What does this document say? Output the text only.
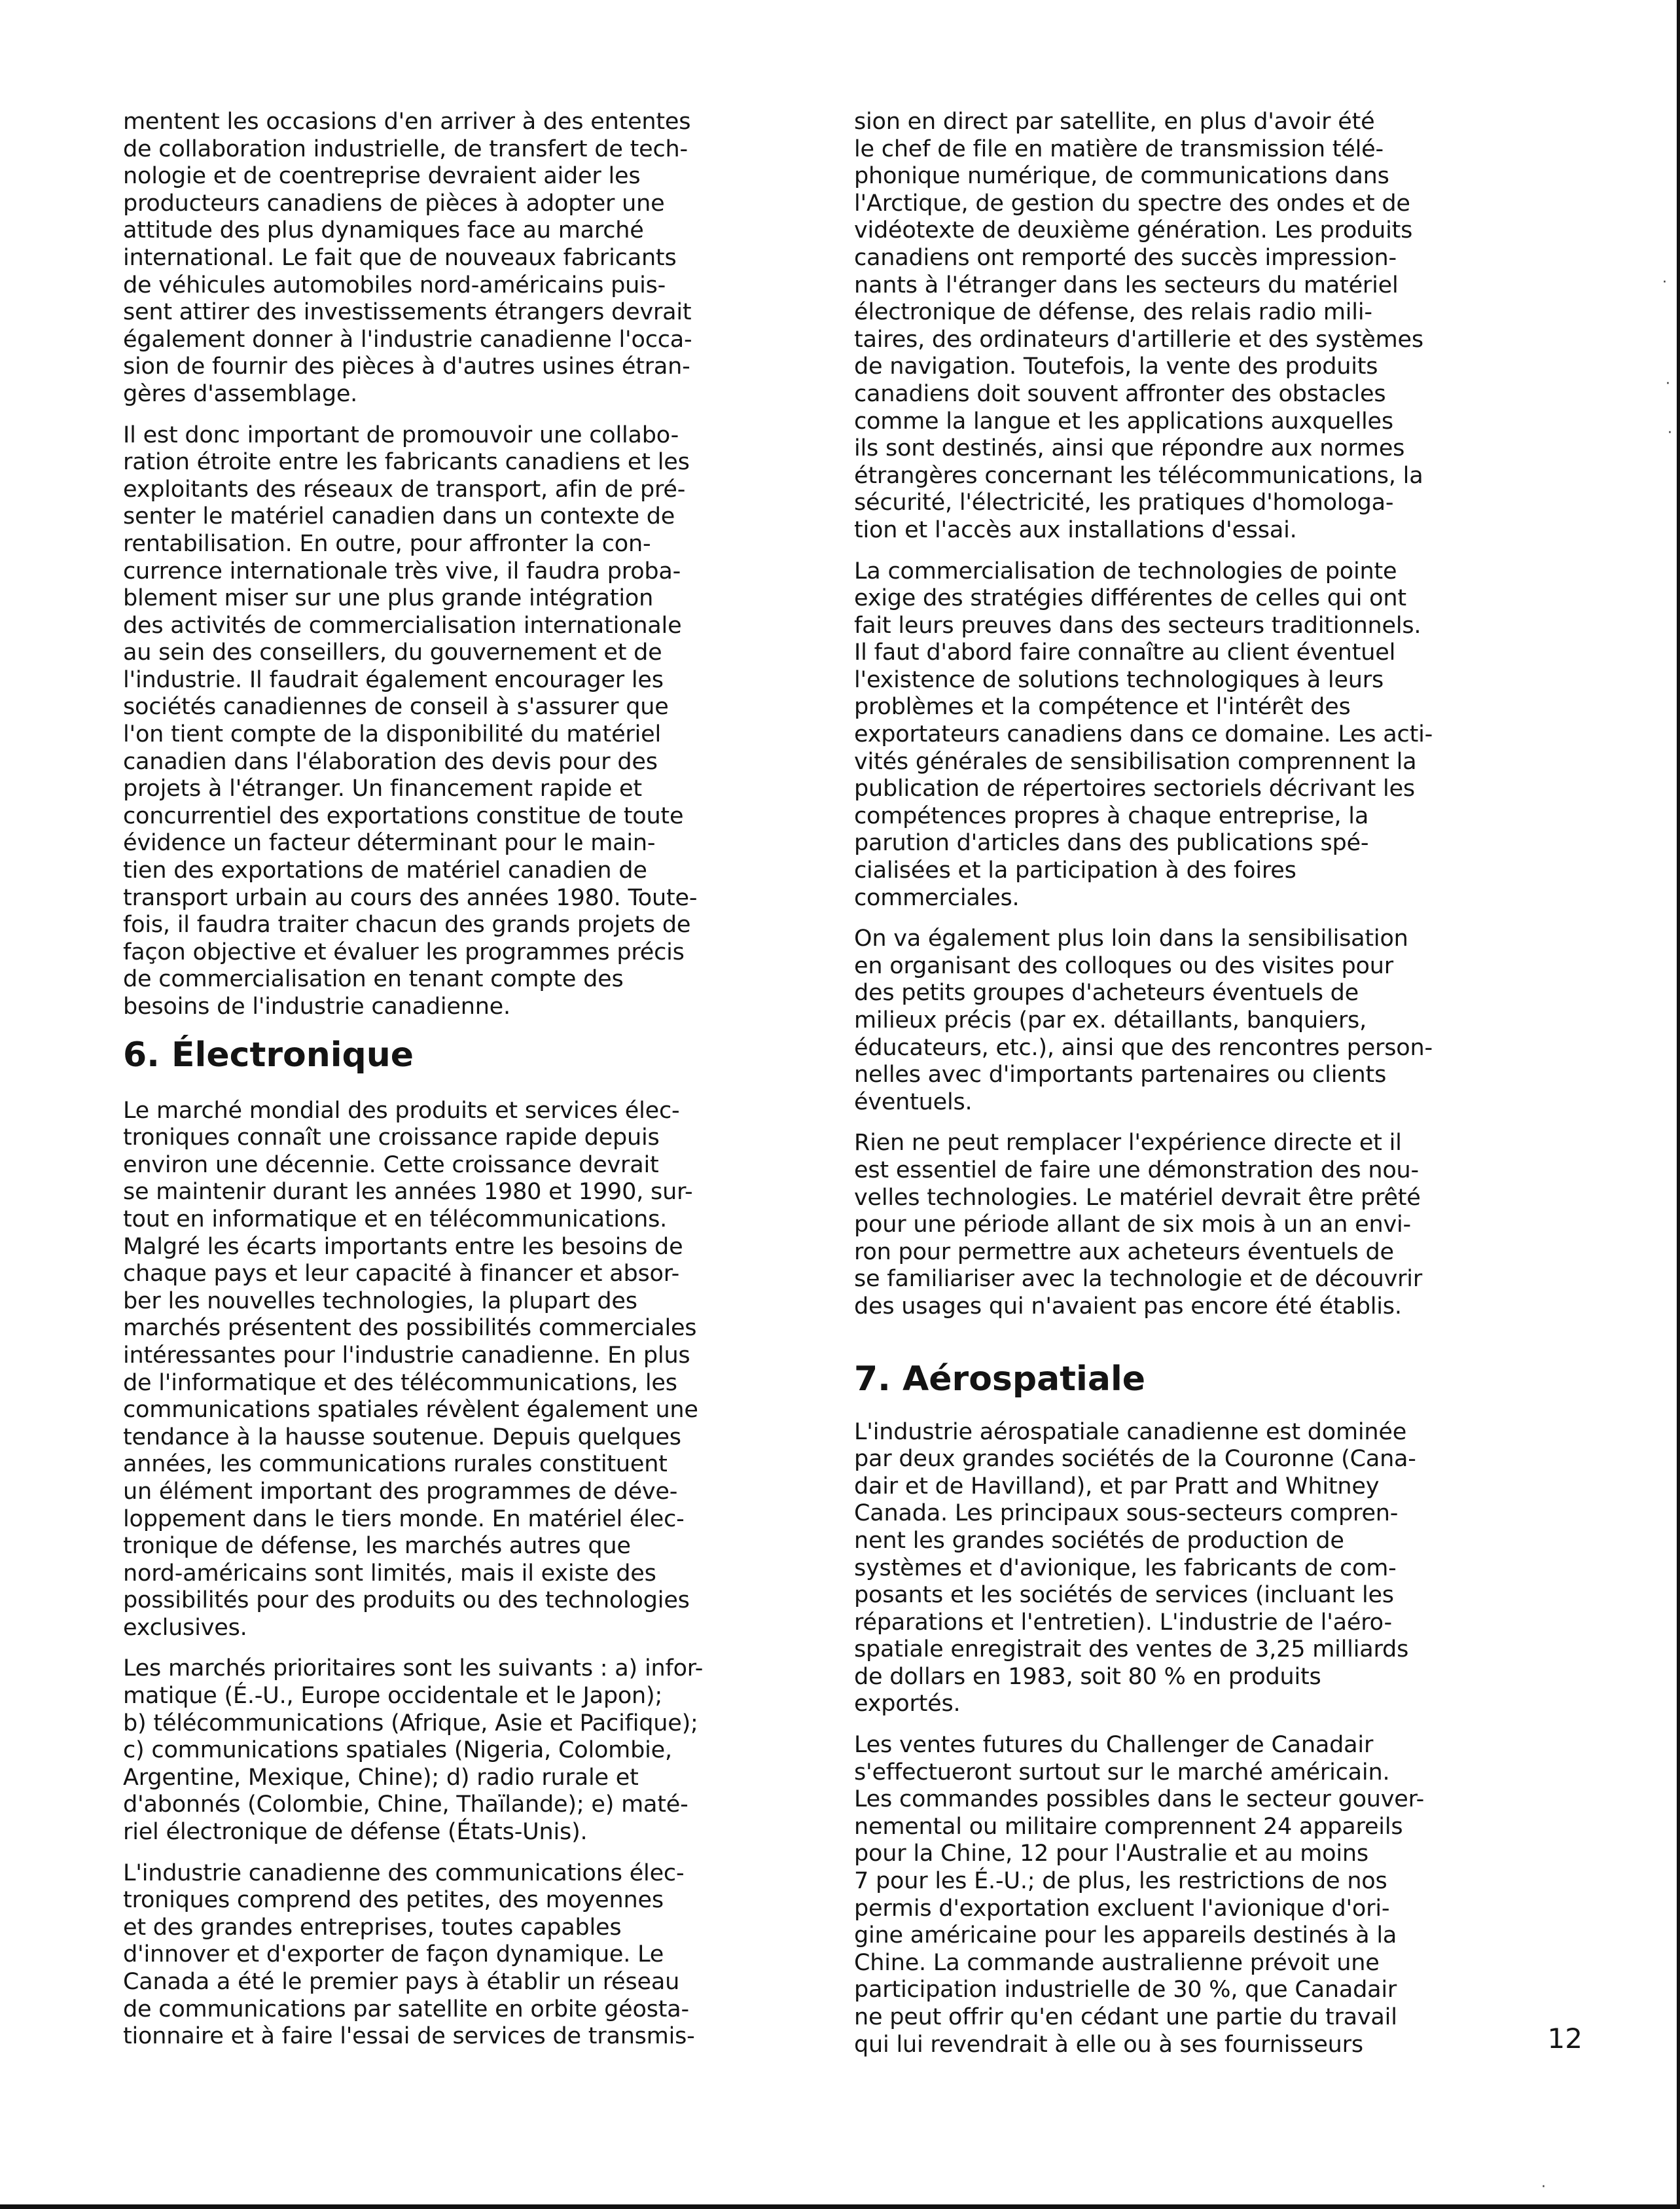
mentent les occasions d'en arriver à des ententes
de collaboration industrielle, de transfert de tech-
nologie et de coentreprise devraient aider les
producteurs canadiens de pièces à adopter une
attitude des plus dynamiques face au marché
international. Le fait que de nouveaux fabricants
de véhicules automobiles nord-américains puis-
sent attirer des investissements étrangers devrait
également donner à l'industrie canadienne l'occa-
sion de fournir des pièces à d'autres usines étran-
gères d'assemblage.

Il est donc important de promouvoir une collabo-
ration étroite entre les fabricants canadiens et les
exploitants des réseaux de transport, afin de pré-
senter le matériel canadien dans un contexte de
rentabilisation. En outre, pour affronter la con-
currence internationale très vive, il faudra proba-
blement miser sur une plus grande intégration
des activités de commercialisation internationale
au sein des conseillers, du gouvernement et de
l'industrie. Il faudrait également encourager les
sociétés canadiennes de conseil à s'assurer que
l'on tient compte de la disponibilité du matériel
canadien dans l'élaboration des devis pour des
projets à l'étranger. Un financement rapide et
concurrentiel des exportations constitue de toute
évidence un facteur déterminant pour le main-
tien des exportations de matériel canadien de
transport urbain au cours des années 1980. Toute-
fois, il faudra traiter chacun des grands projets de
façon objective et évaluer les programmes précis
de commercialisation en tenant compte des
besoins de l'industrie canadienne.

6. Électronique

Le marché mondial des produits et services élec-
troniques connaît une croissance rapide depuis
environ une décennie. Cette croissance devrait
se maintenir durant les années 1980 et 1990, sur-
tout en informatique et en télécommunications.
Malgré les écarts importants entre les besoins de
chaque pays et leur capacité à financer et absor-
ber les nouvelles technologies, la plupart des
marchés présentent des possibilités commerciales
intéressantes pour l'industrie canadienne. En plus
de l'informatique et des télécommunications, les
communications spatiales révèlent également une
tendance à la hausse soutenue. Depuis quelques
années, les communications rurales constituent
un élément important des programmes de déve-
loppement dans le tiers monde. En matériel élec-
tronique de défense, les marchés autres que
nord-américains sont limités, mais il existe des
possibilités pour des produits ou des technologies
exclusives.

Les marchés prioritaires sont les suivants : a) infor-
matique (É.-U., Europe occidentale et le Japon);
b) télécommunications (Afrique, Asie et Pacifique);
c) communications spatiales (Nigeria, Colombie,
Argentine, Mexique, Chine); d) radio rurale et
d'abonnés (Colombie, Chine, Thaïlande); e) maté-
riel électronique de défense (États-Unis).

L'industrie canadienne des communications élec-
troniques comprend des petites, des moyennes
et des grandes entreprises, toutes capables
d'innover et d'exporter de façon dynamique. Le
Canada a été le premier pays à établir un réseau
de communications par satellite en orbite géosta-
tionnaire et à faire l'essai de services de transmis-

sion en direct par satellite, en plus d'avoir été
le chef de file en matière de transmission télé-
phonique numérique, de communications dans
l'Arctique, de gestion du spectre des ondes et de
vidéotexte de deuxième génération. Les produits
canadiens ont remporté des succès impression-
nants à l'étranger dans les secteurs du matériel
électronique de défense, des relais radio mili-
taires, des ordinateurs d'artillerie et des systèmes
de navigation. Toutefois, la vente des produits
canadiens doit souvent affronter des obstacles
comme la langue et les applications auxquelles
ils sont destinés, ainsi que répondre aux normes
étrangères concernant les télécommunications, la
sécurité, l'électricité, les pratiques d'homologa-
tion et l'accès aux installations d'essai.

La commercialisation de technologies de pointe
exige des stratégies différentes de celles qui ont
fait leurs preuves dans des secteurs traditionnels.
Il faut d'abord faire connaître au client éventuel
l'existence de solutions technologiques à leurs
problèmes et la compétence et l'intérêt des
exportateurs canadiens dans ce domaine. Les acti-
vités générales de sensibilisation comprennent la
publication de répertoires sectoriels décrivant les
compétences propres à chaque entreprise, la
parution d'articles dans des publications spé-
cialisées et la participation à des foires
commerciales.

On va également plus loin dans la sensibilisation
en organisant des colloques ou des visites pour
des petits groupes d'acheteurs éventuels de
milieux précis (par ex. détaillants, banquiers,
éducateurs, etc.), ainsi que des rencontres person-
nelles avec d'importants partenaires ou clients
éventuels.

Rien ne peut remplacer l'expérience directe et il
est essentiel de faire une démonstration des nou-
velles technologies. Le matériel devrait être prêté
pour une période allant de six mois à un an envi-
ron pour permettre aux acheteurs éventuels de
se familiariser avec la technologie et de découvrir
des usages qui n'avaient pas encore été établis.

7. Aérospatiale

L'industrie aérospatiale canadienne est dominée
par deux grandes sociétés de la Couronne (Cana-
dair et de Havilland), et par Pratt and Whitney
Canada. Les principaux sous-secteurs compren-
nent les grandes sociétés de production de
systèmes et d'avionique, les fabricants de com-
posants et les sociétés de services (incluant les
réparations et l'entretien). L'industrie de l'aéro-
spatiale enregistrait des ventes de 3,25 milliards
de dollars en 1983, soit 80 % en produits
exportés.

Les ventes futures du Challenger de Canadair
s'effectueront surtout sur le marché américain.
Les commandes possibles dans le secteur gouver-
nemental ou militaire comprennent 24 appareils
pour la Chine, 12 pour l'Australie et au moins
7 pour les É.-U.; de plus, les restrictions de nos
permis d'exportation excluent l'avionique d'ori-
gine américaine pour les appareils destinés à la
Chine. La commande australienne prévoit une
participation industrielle de 30 %, que Canadair
ne peut offrir qu'en cédant une partie du travail
qui lui revendrait à elle ou à ses fournisseurs	12
·
·
·
·
